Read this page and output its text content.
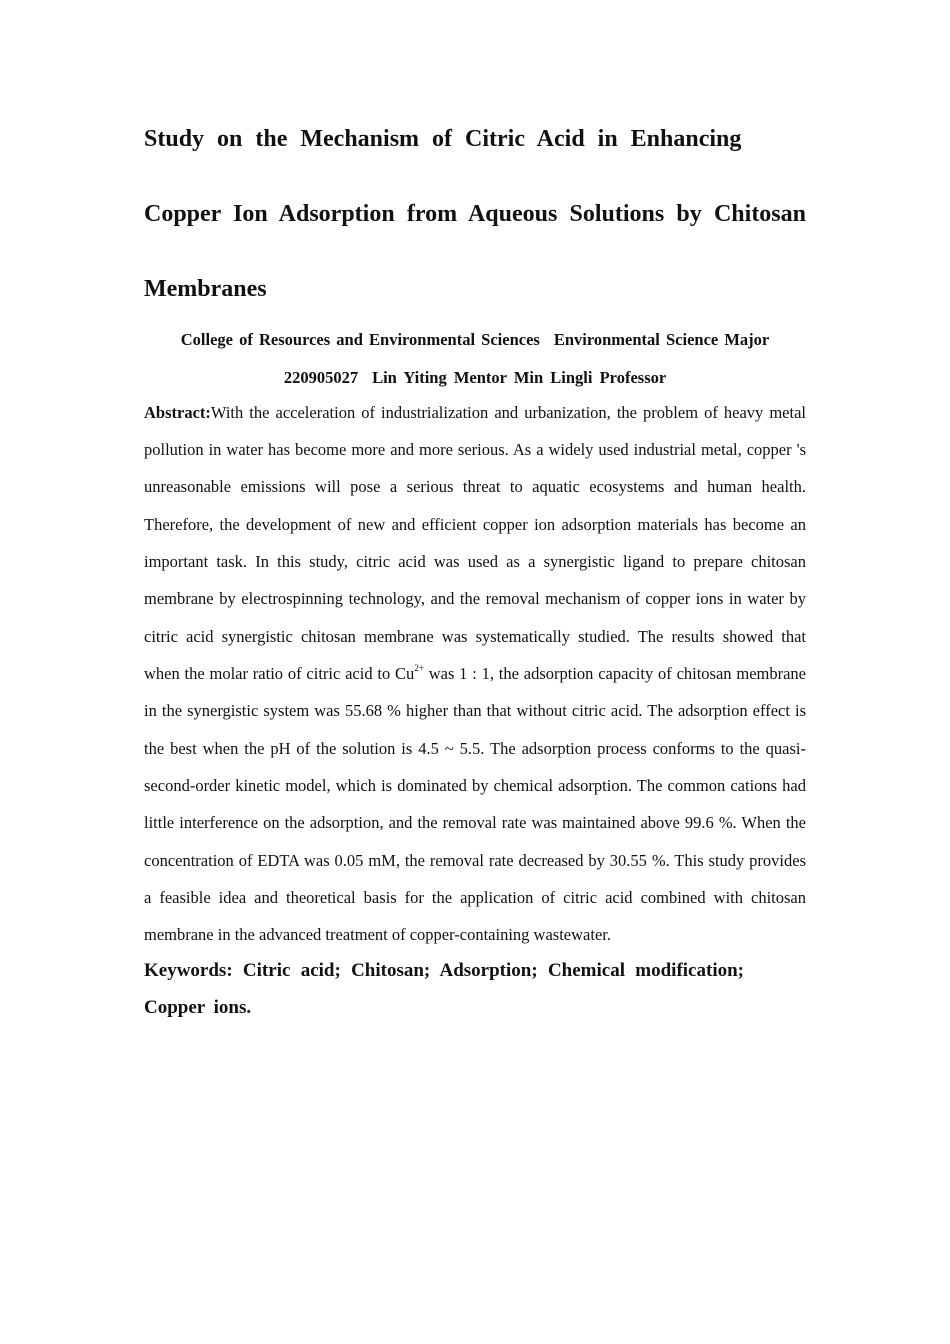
Study on the Mechanism of Citric Acid in Enhancing
Copper Ion Adsorption from Aqueous Solutions by Chitosan
Membranes
College of Resources and Environmental Sciences Environmental Science Major
220905027 Lin Yiting Mentor Min Lingli Professor
Abstract:With the acceleration of industrialization and urbanization, the problem of heavy metal
pollution in water has become more and more serious. As a widely used industrial metal, copper 's
unreasonable emissions will pose a serious threat to aquatic ecosystems and human health.
Therefore, the development of new and efficient copper ion adsorption materials has become an
important task. In this study, citric acid was used as a synergistic ligand to prepare chitosan
membrane by electrospinning technology, and the removal mechanism of copper ions in water by
citric acid synergistic chitosan membrane was systematically studied. The results showed that
when the molar ratio of citric acid to $Cu^{2+}$ was 1 : 1, the adsorption capacity of chitosan membrane
in the synergistic system was 55.68 % higher than that without citric acid. The adsorption effect is
the best when the pH of the solution is 4.5 ~ 5.5. The adsorption process conforms to the quasi-
second-order kinetic model, which is dominated by chemical adsorption. The common cations had
little interference on the adsorption, and the removal rate was maintained above 99.6 %. When the
concentration of EDTA was 0.05 mM, the removal rate decreased by 30.55 %. This study provides
a feasible idea and theoretical basis for the application of citric acid combined with chitosan
membrane in the advanced treatment of copper-containing wastewater.
Keywords: Citric acid; Chitosan; Adsorption; Chemical modification;
Copper ions.
